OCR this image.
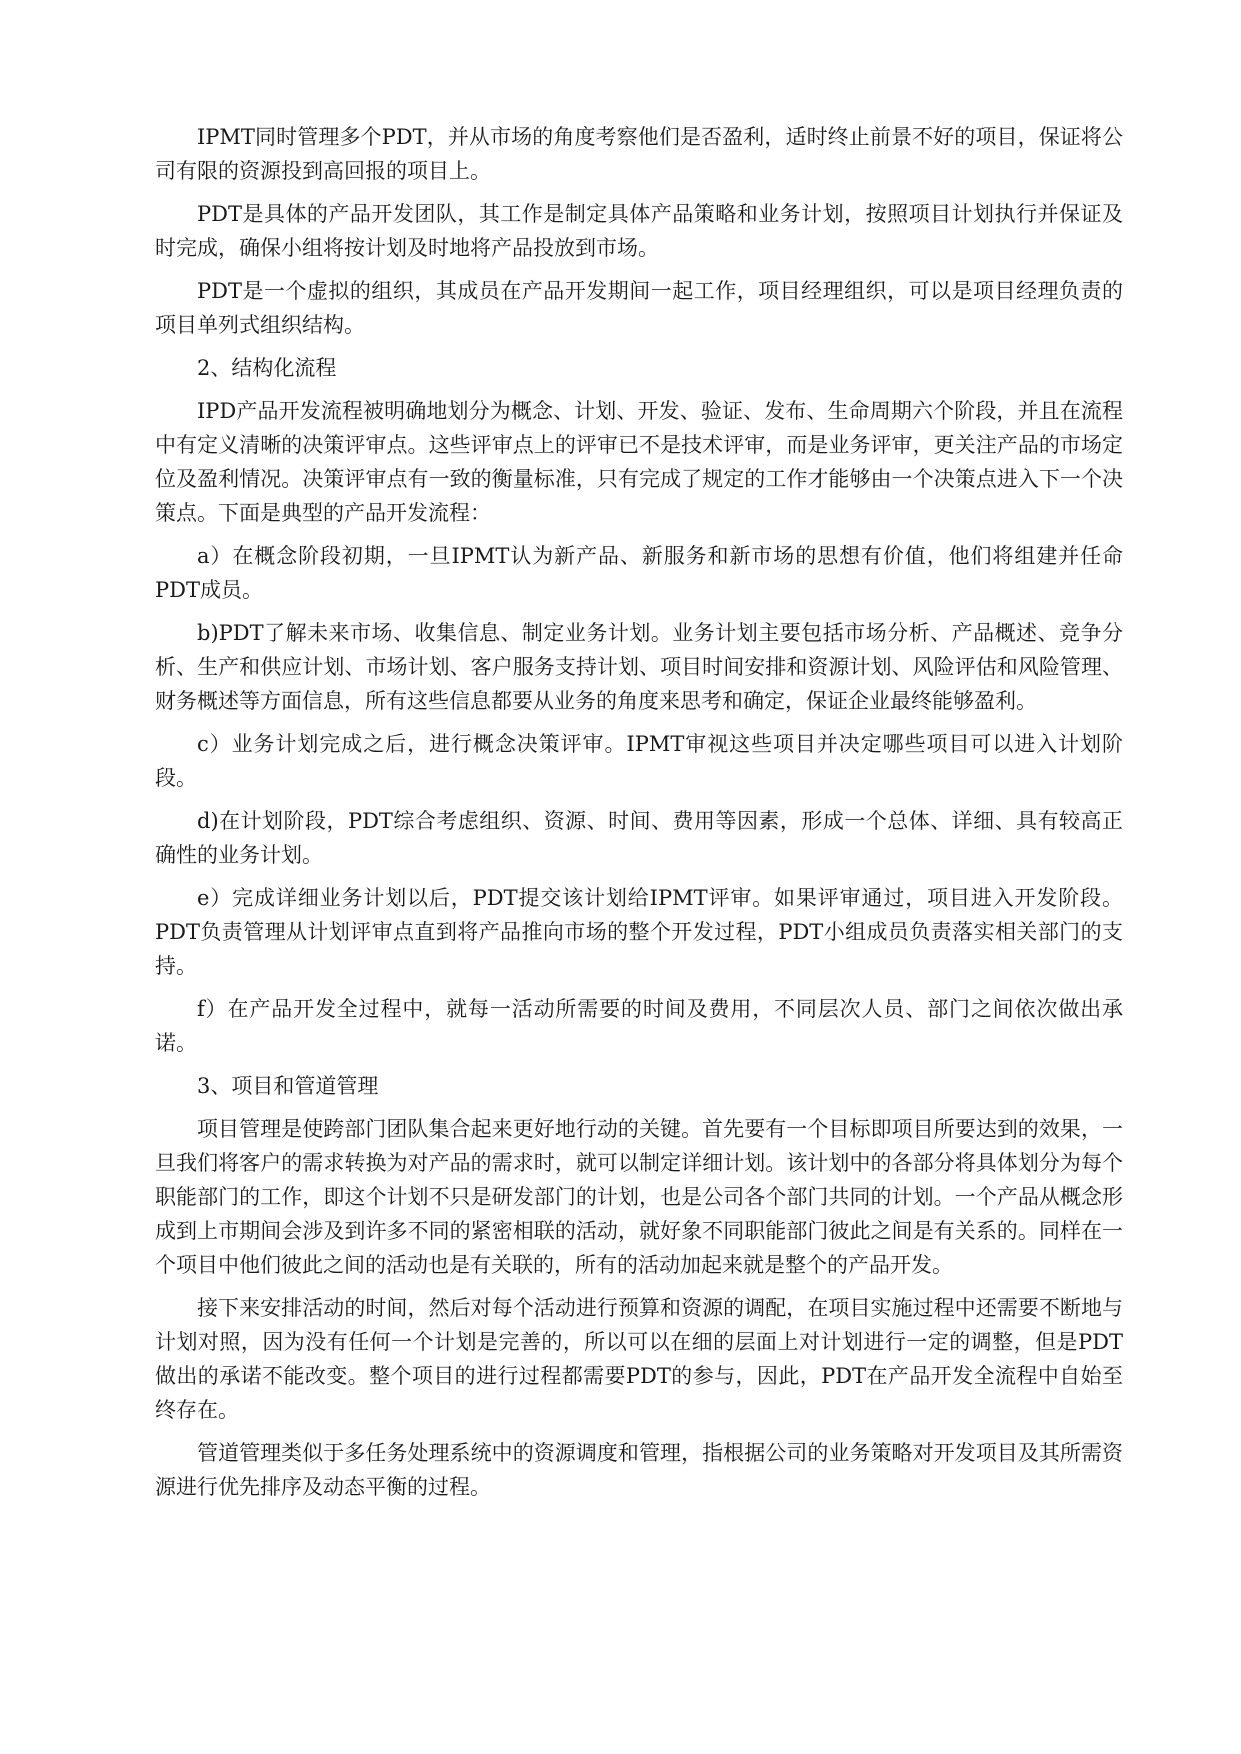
IPMT同时管理多个PDT，并从市场的角度考察他们是否盈利，适时终止前景不好的项目，保证将公司有限的资源投到高回报的项目上。

PDT是具体的产品开发团队，其工作是制定具体产品策略和业务计划，按照项目计划执行并保证及时完成，确保小组将按计划及时地将产品投放到市场。

PDT是一个虚拟的组织，其成员在产品开发期间一起工作，项目经理组织，可以是项目经理负责的项目单列式组织结构。

2、结构化流程

IPD产品开发流程被明确地划分为概念、计划、开发、验证、发布、生命周期六个阶段，并且在流程中有定义清晰的决策评审点。这些评审点上的评审已不是技术评审，而是业务评审，更关注产品的市场定位及盈利情况。决策评审点有一致的衡量标准，只有完成了规定的工作才能够由一个决策点进入下一个决策点。下面是典型的产品开发流程：

a）在概念阶段初期，一旦IPMT认为新产品、新服务和新市场的思想有价值，他们将组建并任命PDT成员。

b)PDT了解未来市场、收集信息、制定业务计划。业务计划主要包括市场分析、产品概述、竞争分析、生产和供应计划、市场计划、客户服务支持计划、项目时间安排和资源计划、风险评估和风险管理、财务概述等方面信息，所有这些信息都要从业务的角度来思考和确定，保证企业最终能够盈利。

c）业务计划完成之后，进行概念决策评审。IPMT审视这些项目并决定哪些项目可以进入计划阶段。

d)在计划阶段，PDT综合考虑组织、资源、时间、费用等因素，形成一个总体、详细、具有较高正确性的业务计划。

e）完成详细业务计划以后，PDT提交该计划给IPMT评审。如果评审通过，项目进入开发阶段。PDT负责管理从计划评审点直到将产品推向市场的整个开发过程，PDT小组成员负责落实相关部门的支持。

f）在产品开发全过程中，就每一活动所需要的时间及费用，不同层次人员、部门之间依次做出承诺。

3、项目和管道管理

项目管理是使跨部门团队集合起来更好地行动的关键。首先要有一个目标即项目所要达到的效果，一旦我们将客户的需求转换为对产品的需求时，就可以制定详细计划。该计划中的各部分将具体划分为每个职能部门的工作，即这个计划不只是研发部门的计划，也是公司各个部门共同的计划。一个产品从概念形成到上市期间会涉及到许多不同的紧密相联的活动，就好象不同职能部门彼此之间是有关系的。同样在一个项目中他们彼此之间的活动也是有关联的，所有的活动加起来就是整个的产品开发。

接下来安排活动的时间，然后对每个活动进行预算和资源的调配，在项目实施过程中还需要不断地与计划对照，因为没有任何一个计划是完善的，所以可以在细的层面上对计划进行一定的调整，但是PDT做出的承诺不能改变。整个项目的进行过程都需要PDT的参与，因此，PDT在产品开发全流程中自始至终存在。

管道管理类似于多任务处理系统中的资源调度和管理，指根据公司的业务策略对开发项目及其所需资源进行优先排序及动态平衡的过程。
